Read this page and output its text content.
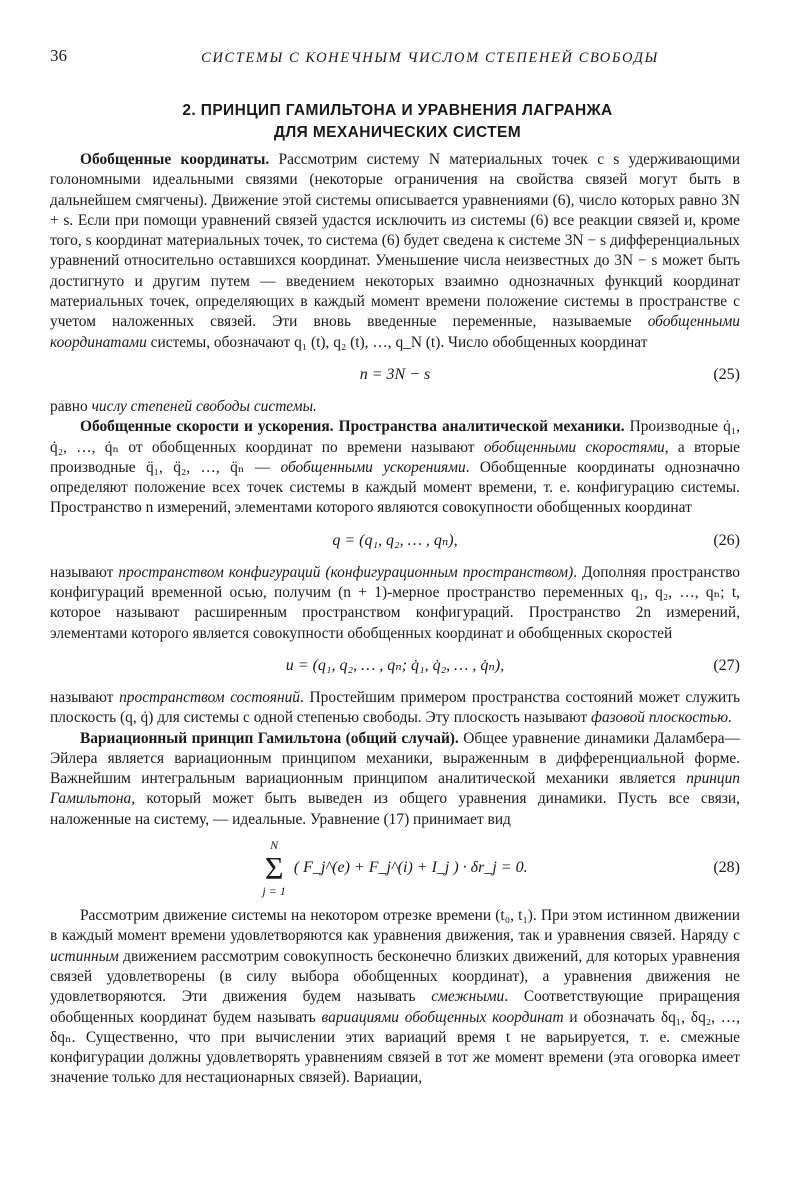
36	СИСТЕМЫ С КОНЕЧНЫМ ЧИСЛОМ СТЕПЕНЕЙ СВОБОДЫ
2. ПРИНЦИП ГАМИЛЬТОНА И УРАВНЕНИЯ ЛАГРАНЖА
ДЛЯ МЕХАНИЧЕСКИХ СИСТЕМ

Обобщенные координаты. Рассмотрим систему N материальных точек с s удерживающими голономными идеальными связями (некоторые ограничения на свойства связей могут быть в дальнейшем смягчены). Движение этой системы описывается уравнениями (6), число которых равно 3N + s. Если при помощи уравнений связей удастся исключить из системы (6) все реакции связей и, кроме того, s координат материальных точек, то система (6) будет сведена к системе 3N − s дифференциальных уравнений относительно оставшихся координат. Уменьшение числа неизвестных до 3N − s может быть достигнуто и другим путем — введением некоторых взаимно однозначных функций координат материальных точек, определяющих в каждый момент времени положение системы в пространстве с учетом наложенных связей. Эти вновь введенные переменные, называемые обобщенными координатами системы, обозначают q₁ (t), q₂ (t), …, q_N (t). Число обобщенных координат

n = 3N − s	(25)

равно числу степеней свободы системы.

Обобщенные скорости и ускорения. Пространства аналитической механики. Производные q̇₁, q̇₂, …, q̇ₙ от обобщенных координат по времени называют обобщенными скоростями, а вторые производные q̈₁, q̈₂, …, q̈ₙ — обобщенными ускорениями. Обобщенные координаты однозначно определяют положение всех точек системы в каждый момент времени, т. е. конфигурацию системы. Пространство n измерений, элементами которого являются совокупности обобщенных координат

q = (q₁, q₂, … , qₙ),	(26)

называют пространством конфигураций (конфигурационным пространством). Дополняя пространство конфигураций временной осью, получим (n + 1)-мерное пространство переменных q₁, q₂, …, qₙ; t, которое называют расширенным пространством конфигураций. Пространство 2n измерений, элементами которого является совокупности обобщенных координат и обобщенных скоростей

u = (q₁, q₂, … , qₙ; q̇₁, q̇₂, … , q̇ₙ),	(27)

называют пространством состояний. Простейшим примером пространства состояний может служить плоскость (q, q̇) для системы с одной степенью свободы. Эту плоскость называют фазовой плоскостью.

Вариационный принцип Гамильтона (общий случай). Общее уравнение динамики Даламбера—Эйлера является вариационным принципом механики, выраженным в дифференциальной форме. Важнейшим интегральным вариационным принципом аналитической механики является принцип Гамильтона, который может быть выведен из общего уравнения динамики. Пусть все связи, наложенные на систему, — идеальные. Уравнение (17) принимает вид

N
Σ
j = 1
( F_j^(e) + F_j^(i) + I_j ) · δr_j = 0.	(28)

Рассмотрим движение системы на некотором отрезке времени (t₀, t₁). При этом истинном движении в каждый момент времени удовлетворяются как уравнения движения, так и уравнения связей. Наряду с истинным движением рассмотрим совокупность бесконечно близких движений, для которых уравнения связей удовлетворены (в силу выбора обобщенных координат), а уравнения движения не удовлетворяются. Эти движения будем называть смежными. Соответствующие приращения обобщенных координат будем называть вариациями обобщенных координат и обозначать δq₁, δq₂, …, δqₙ. Существенно, что при вычислении этих вариаций время t не варьируется, т. е. смежные конфигурации должны удовлетворять уравнениям связей в тот же момент времени (эта оговорка имеет значение только для нестационарных связей). Вариации,
